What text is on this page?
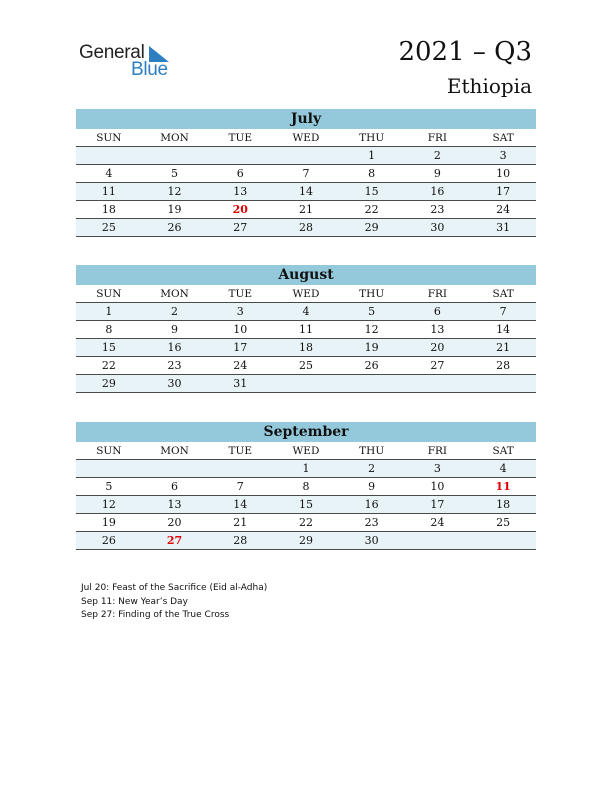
General
Blue
2021 – Q3
Ethiopia
July
SUN	MON	TUE	WED	THU	FRI	SAT
				1	2	3
4	5	6	7	8	9	10
11	12	13	14	15	16	17
18	19	20	21	22	23	24
25	26	27	28	29	30	31
August
SUN	MON	TUE	WED	THU	FRI	SAT
1	2	3	4	5	6	7
8	9	10	11	12	13	14
15	16	17	18	19	20	21
22	23	24	25	26	27	28
29	30	31				
September
SUN	MON	TUE	WED	THU	FRI	SAT
			1	2	3	4
5	6	7	8	9	10	11
12	13	14	15	16	17	18
19	20	21	22	23	24	25
26	27	28	29	30		
Jul 20: Feast of the Sacrifice (Eid al-Adha)
Sep 11: New Year’s Day
Sep 27: Finding of the True Cross
